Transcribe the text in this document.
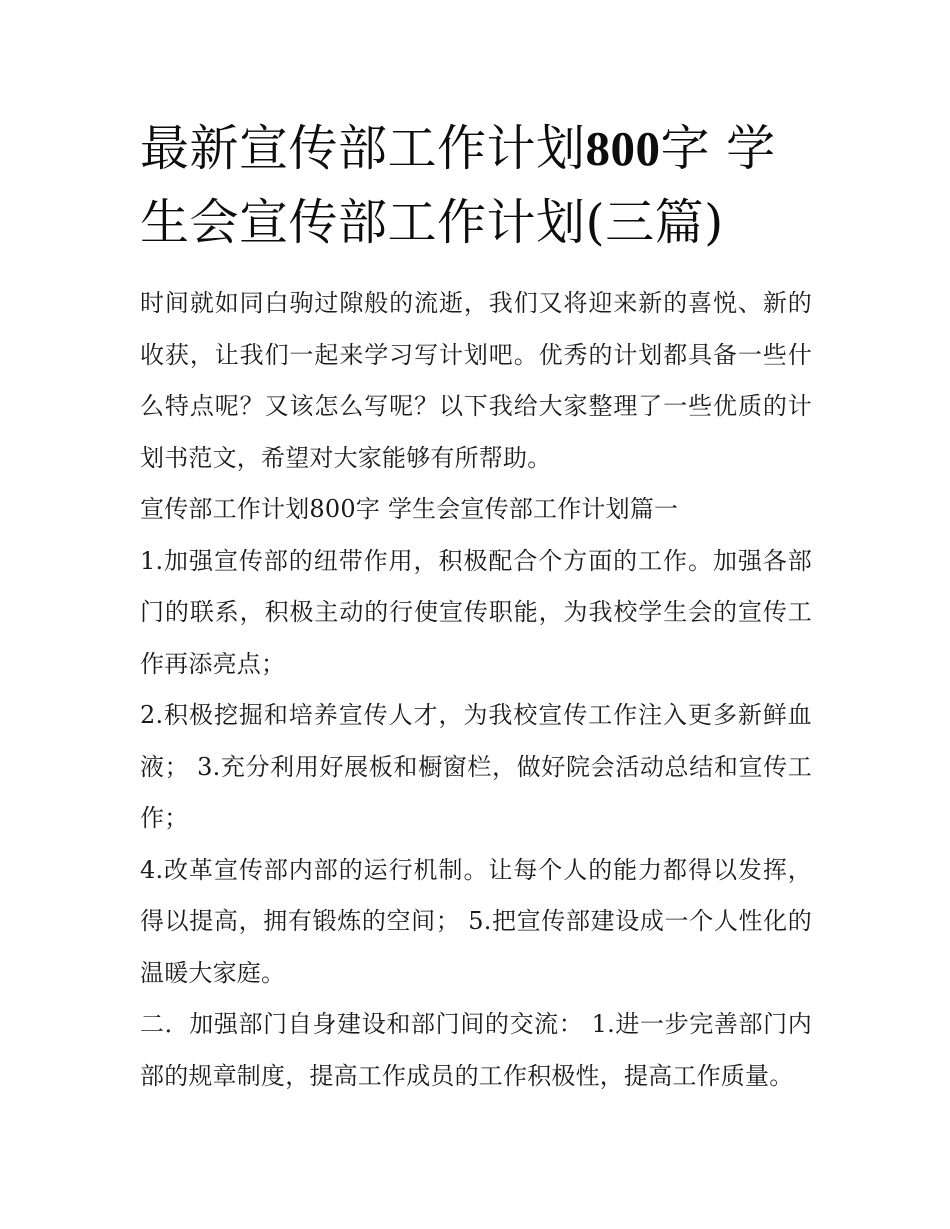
最新宣传部工作计划800字 学生会宣传部工作计划(三篇)

时间就如同白驹过隙般的流逝，我们又将迎来新的喜悦、新的收获，让我们一起来学习写计划吧。优秀的计划都具备一些什么特点呢？又该怎么写呢？以下我给大家整理了一些优质的计划书范文，希望对大家能够有所帮助。

宣传部工作计划800字 学生会宣传部工作计划篇一

1.加强宣传部的纽带作用，积极配合个方面的工作。加强各部门的联系，积极主动的行使宣传职能，为我校学生会的宣传工作再添亮点；

2.积极挖掘和培养宣传人才，为我校宣传工作注入更多新鲜血液； 3.充分利用好展板和橱窗栏，做好院会活动总结和宣传工作；

4.改革宣传部内部的运行机制。让每个人的能力都得以发挥，得以提高，拥有锻炼的空间； 5.把宣传部建设成一个人性化的温暖大家庭。

二．加强部门自身建设和部门间的交流： 1.进一步完善部门内部的规章制度，提高工作成员的工作积极性，提高工作质量。
